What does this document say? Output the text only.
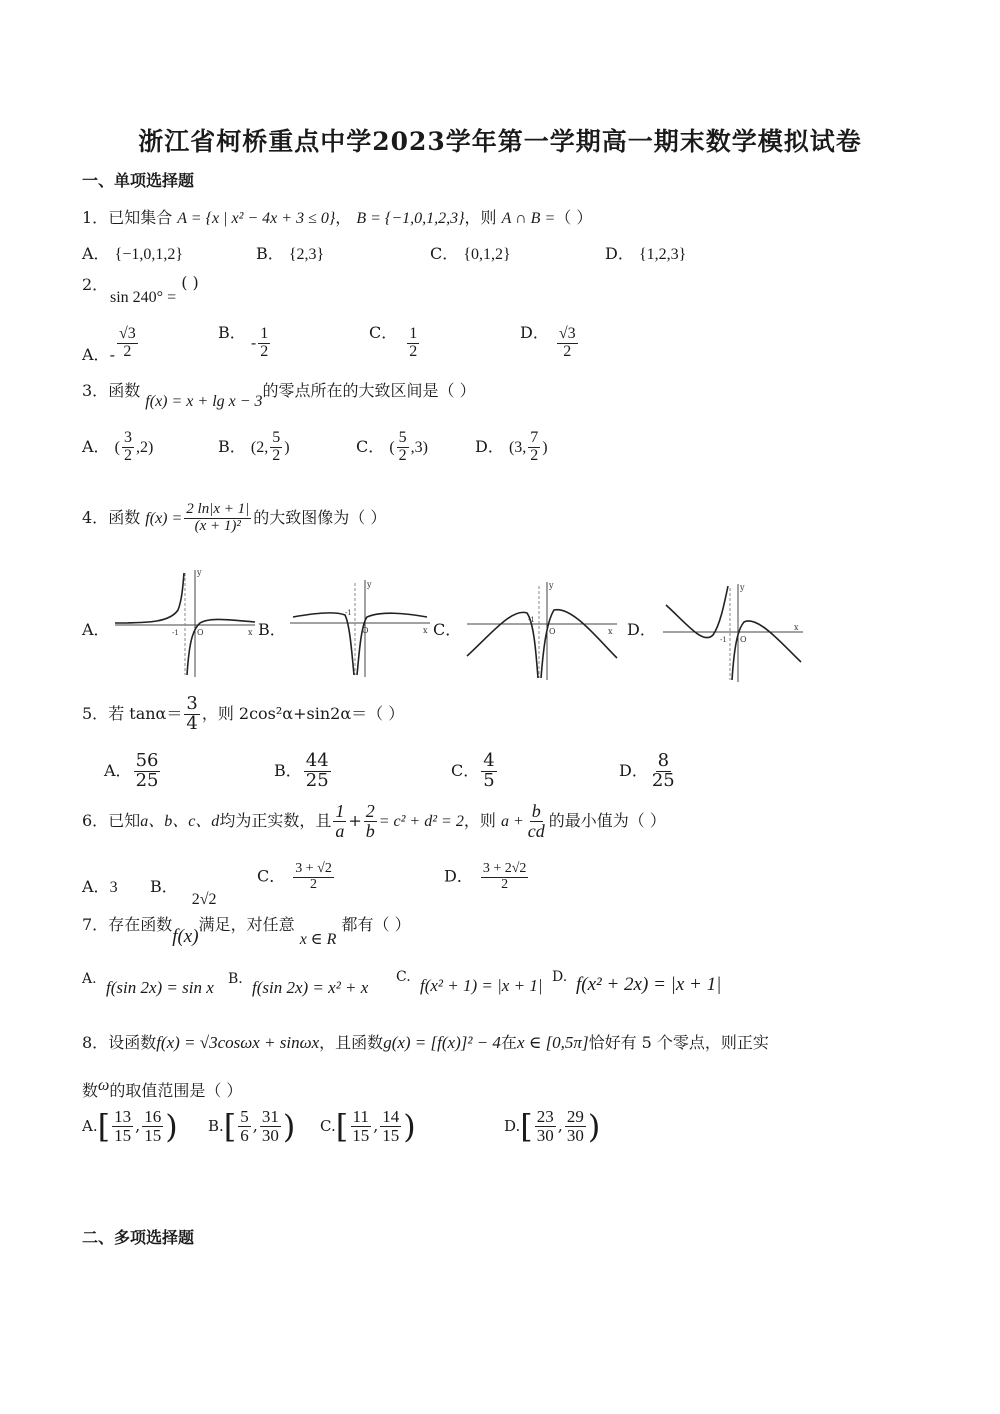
浙江省柯桥重点中学2023学年第一学期高一期末数学模拟试卷
一、单项选择题
1．已知集合 A = {x | x² − 4x + 3 ≤ 0}， B = {−1,0,1,2,3}，则 A ∩ B =（ ）
A． {−1,0,1,2}	B． {2,3}	C． {0,1,2}	D． {1,2,3}
2．
sin 240° = ( )
A．- $\frac{√3}{2}$	B． - $\frac{1}{2}$	C． $\frac{1}{2}$	D． $\frac{√3}{2}$
3．函数 f(x) = x + lg x − 3的零点所在的大致区间是（ ）
A． ( $\frac{3}{2} ,2$)	B． (2, $\frac{5}{2}$ )	C． ( $\frac{5}{2} ,3$)	D． (3, $\frac{7}{2}$ )
4．函数 $f(x) = \frac{2 \ln|x + 1|}{\text{(x + 1)²}}$ 的大致图像为（ ）
A．
y
x
O
-1	B．
y
x
O
-1
C．
y
x
O
-1	D．
y
x
O
-1
5．若 $\tan\alpha= \frac{3}{4}$ ，则 2cos²α+sin2α＝（ ）
A． $\frac{56}{25}$	B． $\frac{44}{25}$	C． $\frac{4}{5}$	D． $\frac{8}{25}$
6．已知a、b、c、d均为正实数，且 $\frac{1}{a} + \frac{2}{b} = c^2 + d^2 = 2$，则 $a + \frac{b}{cd}$ 的最小值为（ ）
A．3 B．2√2
C． $\frac{3 + √2}{2}$	D． $\frac{3 + 2√2}{2}$
7．存在函数f(x)满足，对任意 x ∈ R 都有（ ）
A. f(sin 2x) = sin x B. f(sin 2x) = x² + x
C. f(x² + 1) = |x + 1| D. f(x² + 2x) = |x + 1|
8．设函数f(x) = √3cosωx + sinωx，且函数g(x) = [f(x)]² − 4在x ∈ [0,5π]恰好有 5 个零点，则正实
数ω的取值范围是（ ）
$A.[ \frac{13}{15}$ , $\frac{16}{15}$ ) $B.[ \frac{5}{6}$ , $\frac{31}{30}$ ) $C.[ \frac{11}{15}$ , $\frac{14}{15}$ )	$D.[ \frac{23}{30}$ , $\frac{29}{30}$ )
二、多项选择题
